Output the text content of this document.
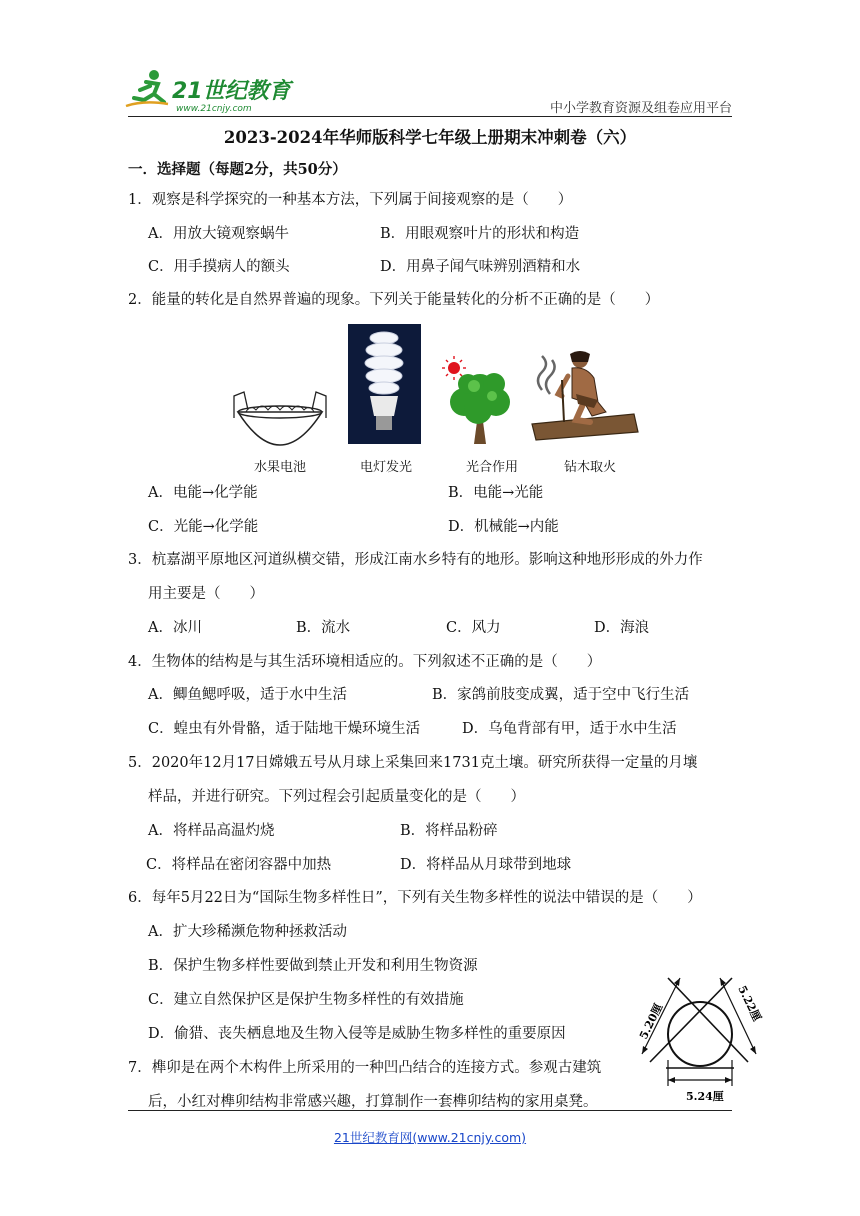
21世纪教育
www.21cnjy.com	中小学教育资源及组卷应用平台
2023-2024年华师版科学七年级上册期末冲刺卷（六）
一．选择题（每题2分，共50分）
1．观察是科学探究的一种基本方法，下列属于间接观察的是（　　）
A．用放大镜观察蜗牛	B．用眼观察叶片的形状和构造
C．用手摸病人的额头	D．用鼻子闻气味辨别酒精和水
2．能量的转化是自然界普遍的现象。下列关于能量转化的分析不正确的是（　　）
水果电池	电灯发光	光合作用	钻木取火
A．电能→化学能	B．电能→光能
C．光能→化学能	D．机械能→内能
3．杭嘉湖平原地区河道纵横交错，形成江南水乡特有的地形。影响这种地形形成的外力作
用主要是（　　）
A．冰川	B．流水	C．风力	D．海浪
4．生物体的结构是与其生活环境相适应的。下列叙述不正确的是（　　）
A．鲫鱼鳃呼吸，适于水中生活	B．家鸽前肢变成翼，适于空中飞行生活
C．蝗虫有外骨骼，适于陆地干燥环境生活	D．乌龟背部有甲，适于水中生活
5．2020年12月17日嫦娥五号从月球上采集回来1731克土壤。研究所获得一定量的月壤
样品，并进行研究。下列过程会引起质量变化的是（　　）
A．将样品高温灼烧	B．将样品粉碎
C．将样品在密闭容器中加热	D．将样品从月球带到地球
6．每年5月22日为“国际生物多样性日”，下列有关生物多样性的说法中错误的是（　　）
A．扩大珍稀濒危物种拯救活动
B．保护生物多样性要做到禁止开发和利用生物资源
C．建立自然保护区是保护生物多样性的有效措施
D．偷猎、丧失栖息地及生物入侵等是威胁生物多样性的重要原因
7．榫卯是在两个木构件上所采用的一种凹凸结合的连接方式。参观古建筑
后，小红对榫卯结构非常感兴趣，打算制作一套榫卯结构的家用桌凳。
5.20厘	5.22厘
5.24厘
21世纪教育网(www.21cnjy.com)
